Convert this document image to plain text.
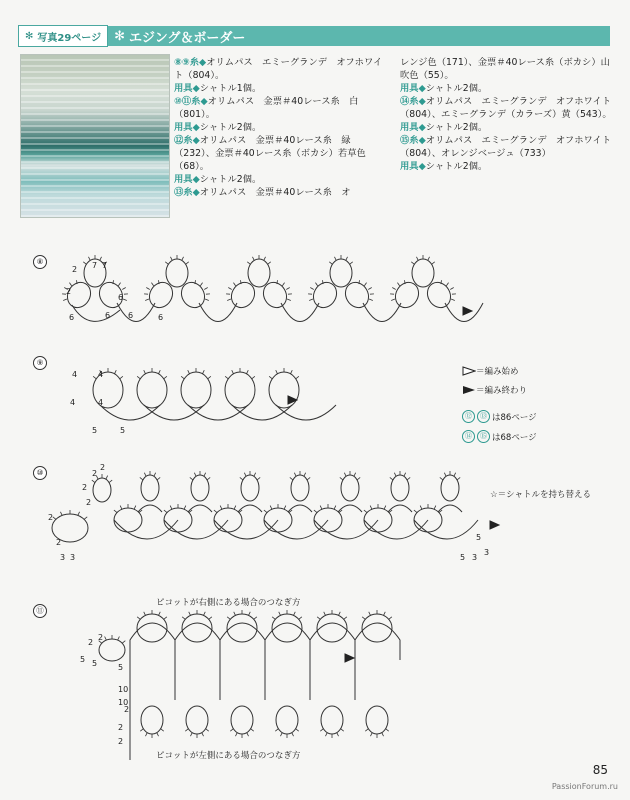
✻ 写真29ページ ✻ エジング＆ボーダー

⑧⑨糸◆オリムパス　エミーグランデ　オフホワイト（804）。

用具◆シャトル1個。

⑩⑪糸◆オリムパス　金票＃40レース糸　白（801）。

用具◆シャトル2個。

⑫糸◆オリムパス　金票＃40レース糸　緑（232）、金票＃40レース糸（ボカシ）若草色（68）。

用具◆シャトル2個。

⑬糸◆オリムパス　金票＃40レース糸　オ

レンジ色（171）、金票＃40レース糸（ボカシ）山吹色（55）。

用具◆シャトル2個。

⑭糸◆オリムパス　エミーグランデ　オフホワイト（804）、エミーグランデ（カラーズ）黄（543）。

用具◆シャトル2個。

⑮糸◆オリムパス　エミーグランデ　オフホワイト（804）、オレンジベージュ（733）

用具◆シャトル2個。

⑧
⑨
⑩
⑪
＝編み始め
＝編み終わり
⑫	⑬ は86ページ
⑭	⑮ は68ページ
☆＝シャトルを持ち替える
ピコットが右側にある場合のつなぎ方
ピコットが左側にある場合のつなぎ方
2 7 7
2
6
6	6 6	6
4	4
4	4
5	5
2
2
2
2
2
2
3 3	5 3
5
3
2
2
5 5	5
10
10
2
2
2
85
PassionForum.ru
